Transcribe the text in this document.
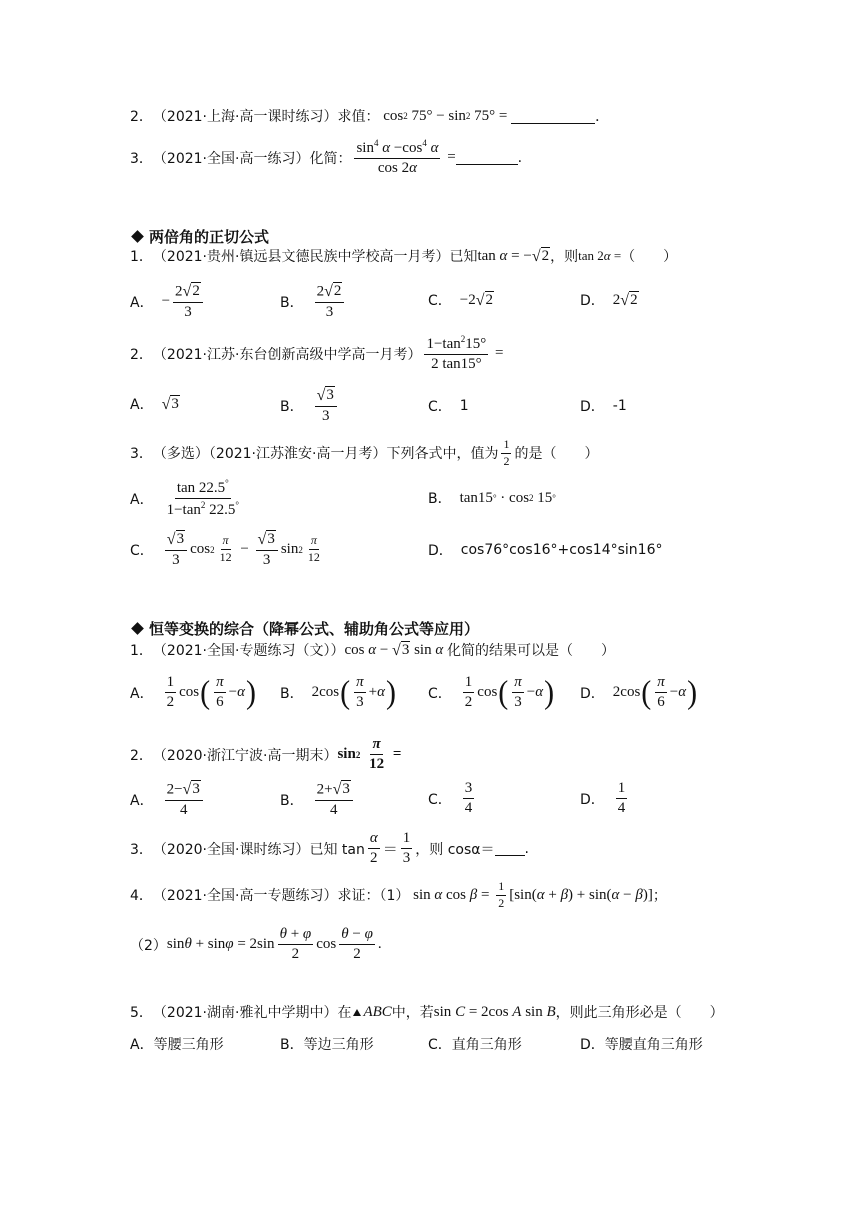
2． （2021·上海·高一课时练习） 求值： cos 2 75° − sin 2 75° =	．
3． （2021·全国·高一练习） 化简： $\frac{\sin^4 \alpha -\cos^4 \alpha}{\cos 2\alpha}$ =	.
两倍角的正切公式
1． （2021·贵州·镇远县文德民族中学校高一月考） 已知 tan α = − √ 2 ，则 tan 2 α = （　　）
A． − $\frac{2 √ 2}{3}$	B． $\frac{2 √ 2}{3}$	C． −2 √ 2	D． 2 √ 2
2． （2021·江苏·东台创新高级中学高一月考） $\frac{1-\tan^215^\circ}{2 \tan 15^\circ}$ =
A． √ 3	B． $\frac{√ 3}{3}$	C． 1	D． -1
3． （多选）（2021·江苏淮安·高一月考） 下列各式中，值为 $\frac{1}{2}$ 的是（　　）
A． $\frac{\tan 22.5^\circ}{1-\tan^2 22.5^\circ}$	B． tan15 ° · cos 2 15 °
C． $\frac{√ 3}{3}$ $\cos 2 \frac{\pi}{12} - \frac{√ 3}{3}$ $\sin 2 \frac{\pi}{12}$	D． cos76°cos16°+cos14°sin16°
恒等变换的综合（降幂公式、辅助角公式等应用）
1． （2021·全国·专题练习（文）） cos α − √ 3 sin α
化简的结果可以是（　　）
A． $\frac{1}{2}$ cos ( $\frac{\pi}{6} - \alpha$ ) B． 2cos ( $\frac{\pi}{3} + \alpha$ ) C． $\frac{1}{2}$ cos ( $\frac{\pi}{3} - \alpha$ ) D． 2cos ( $\frac{\pi}{6} - \alpha$ )
2． （2020·浙江宁波·高一期末） sin 2
$\frac{\pi}{12}$ =
A． $\frac{2- √ 3}{4}$	B． $\frac{2+ √ 3}{4}$	C． $\frac{3}{4}$	D． $\frac{1}{4}$
3． （2020·全国·课时练习） 已知 $\tan \frac{\alpha}{2} = \frac{1}{3}$ ，则 cosα＝ .
4． （2021·全国·高一专题练习） 求证：（1） sin α $\cos \beta = \frac{1}{2} [\sin$( α + β ) + sin( α − β )] ；
（2） $\sin \theta + \sin \varphi = 2\sin \frac{\theta + \varphi}{2}$ $\cos \frac{\theta - \varphi}{2}$ .
5． （2021·湖南·雅礼中学期中） 在 ABC 中，若 sin C = 2cos A sin B ，则此三角形必是（　　）
A． 等腰三角形	B． 等边三角形	C． 直角三角形	D． 等腰直角三角形
